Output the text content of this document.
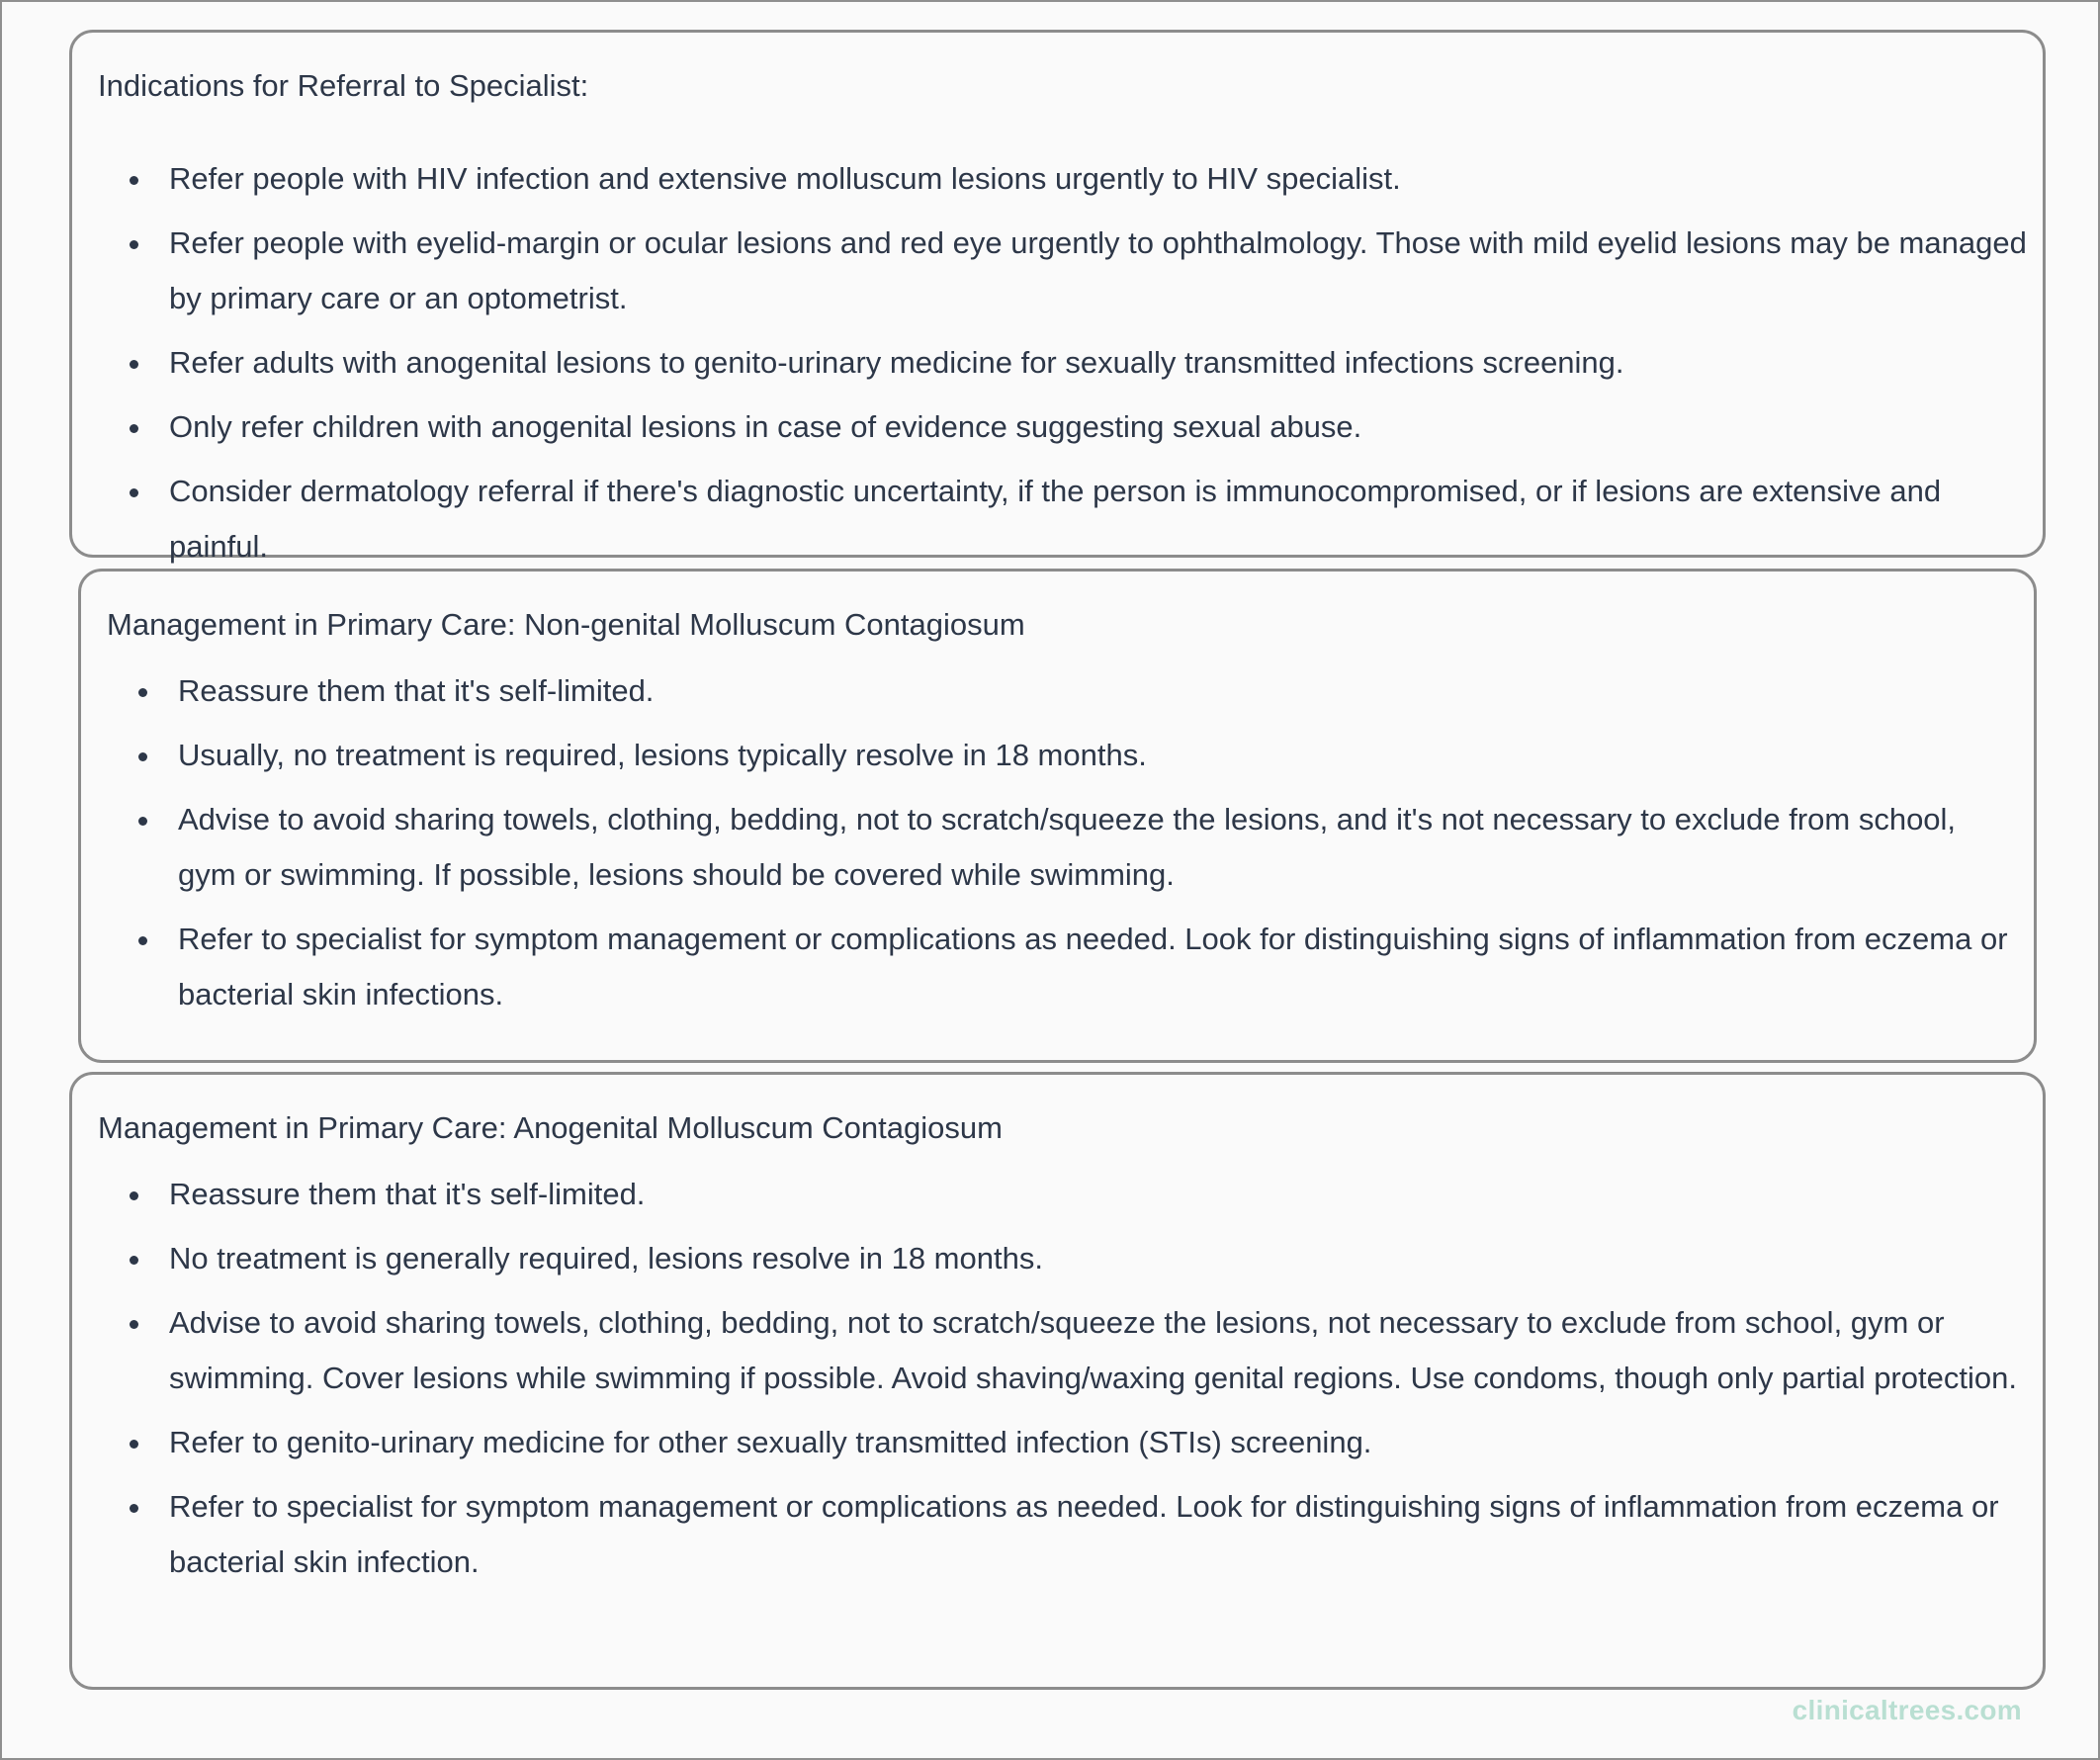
Indications for Referral to Specialist:
Refer people with HIV infection and extensive molluscum lesions urgently to HIV specialist.
Refer people with eyelid-margin or ocular lesions and red eye urgently to ophthalmology. Those with mild eyelid lesions may be managed by primary care or an optometrist.
Refer adults with anogenital lesions to genito-urinary medicine for sexually transmitted infections screening.
Only refer children with anogenital lesions in case of evidence suggesting sexual abuse.
Consider dermatology referral if there's diagnostic uncertainty, if the person is immunocompromised, or if lesions are extensive and painful.
Management in Primary Care: Non-genital Molluscum Contagiosum
Reassure them that it's self-limited.
Usually, no treatment is required, lesions typically resolve in 18 months.
Advise to avoid sharing towels, clothing, bedding, not to scratch/squeeze the lesions, and it's not necessary to exclude from school, gym or swimming. If possible, lesions should be covered while swimming.
Refer to specialist for symptom management or complications as needed. Look for distinguishing signs of inflammation from eczema or bacterial skin infections.
Management in Primary Care: Anogenital Molluscum Contagiosum
Reassure them that it's self-limited.
No treatment is generally required, lesions resolve in 18 months.
Advise to avoid sharing towels, clothing, bedding, not to scratch/squeeze the lesions, not necessary to exclude from school, gym or swimming. Cover lesions while swimming if possible. Avoid shaving/waxing genital regions. Use condoms, though only partial protection.
Refer to genito-urinary medicine for other sexually transmitted infection (STIs) screening.
Refer to specialist for symptom management or complications as needed. Look for distinguishing signs of inflammation from eczema or bacterial skin infection.
clinicaltrees.com
